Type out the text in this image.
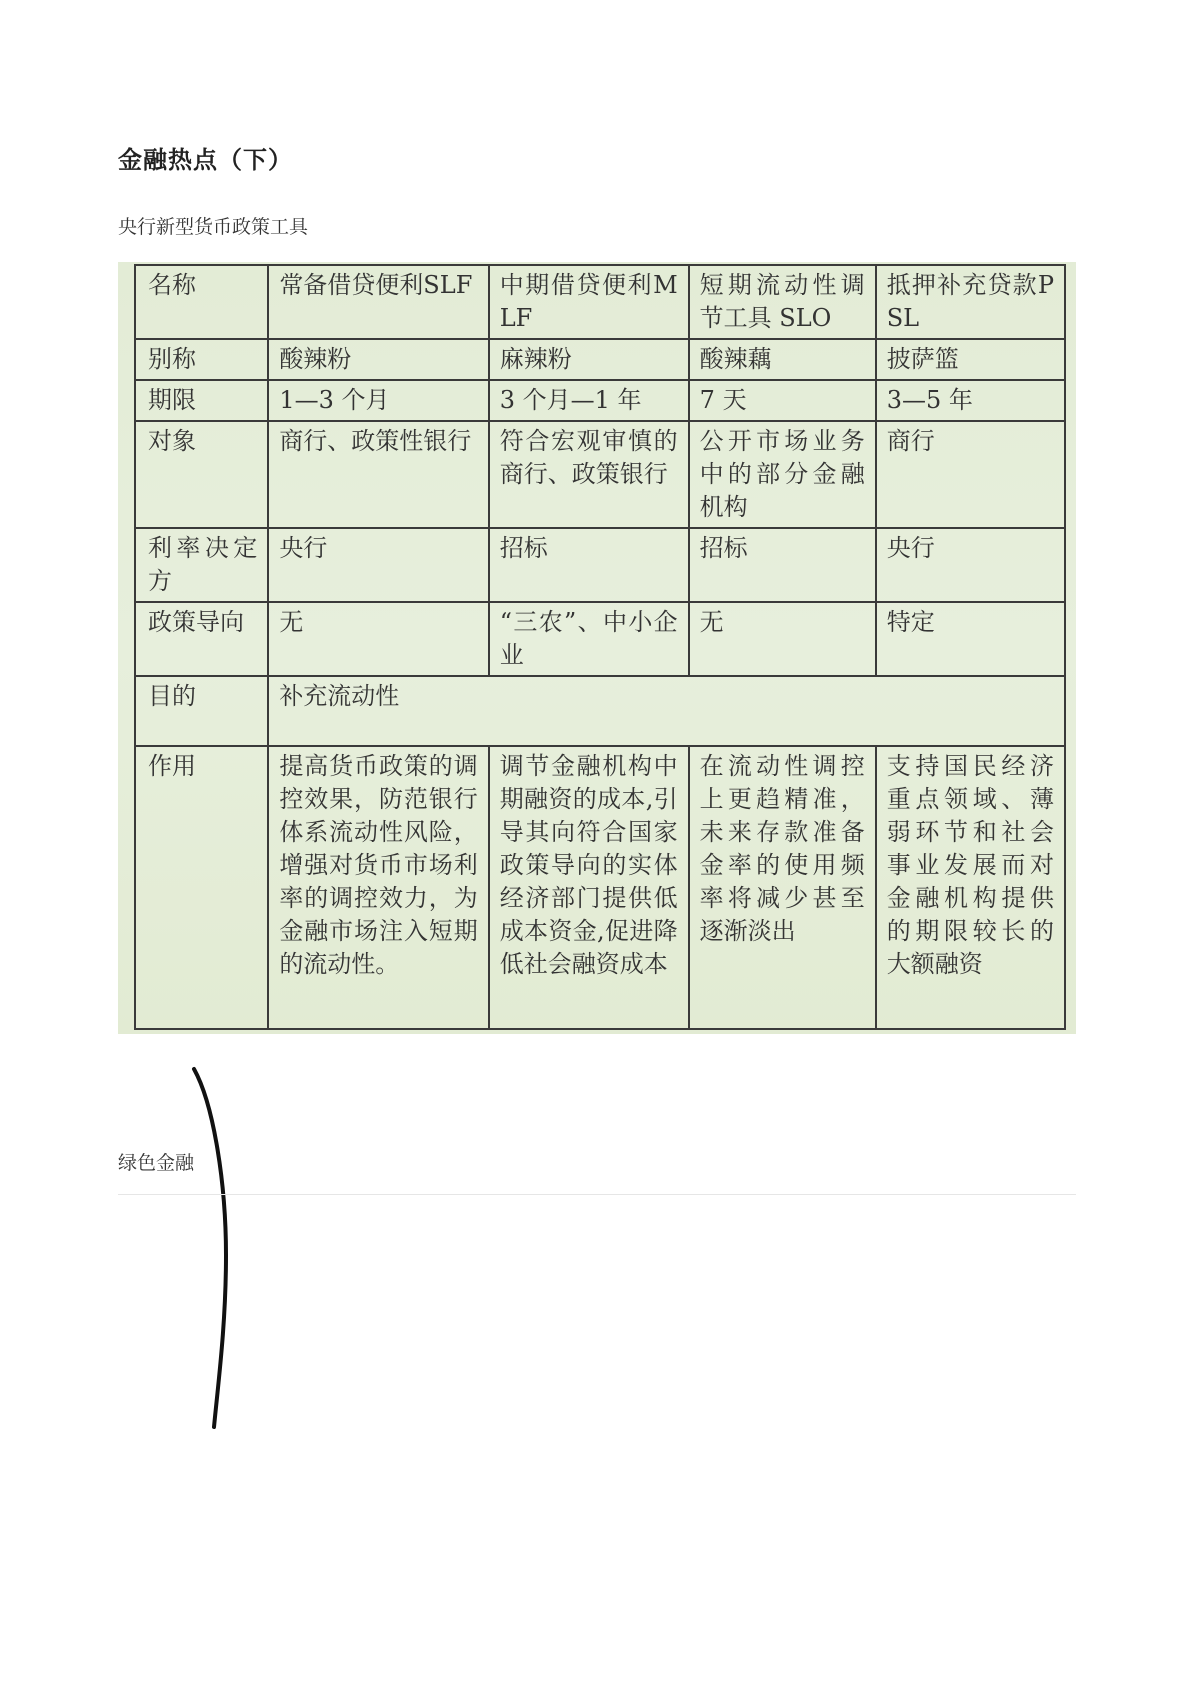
金融热点（下）
央行新型货币政策工具
名称	常备借贷便利SLF	中期借贷便利MLF	短期流动性调节工具 SLO	抵押补充贷款PSL
别称	酸辣粉	麻辣粉	酸辣藕	披萨篮
期限	1—3 个月	3 个月—1 年	7 天	3—5 年
对象	商行、政策性银行	符合宏观审慎的商行、政策银行	公开市场业务中的部分金融机构	商行
利率决定方	央行	招标	招标	央行
政策导向	无	“三农”、中小企业	无	特定
目的	补充流动性			
作用	提高货币政策的调控效果，防范银行体系流动性风险，增强对货币市场利率的调控效力，为金融市场注入短期的流动性。	调节金融机构中期融资的成本,引导其向符合国家政策导向的实体经济部门提供低成本资金,促进降低社会融资成本	在流动性调控上更趋精准，未来存款准备金率的使用频率将减少甚至逐渐淡出	支持国民经济重点领域、薄弱环节和社会事业发展而对金融机构提供的期限较长的大额融资
绿色金融
